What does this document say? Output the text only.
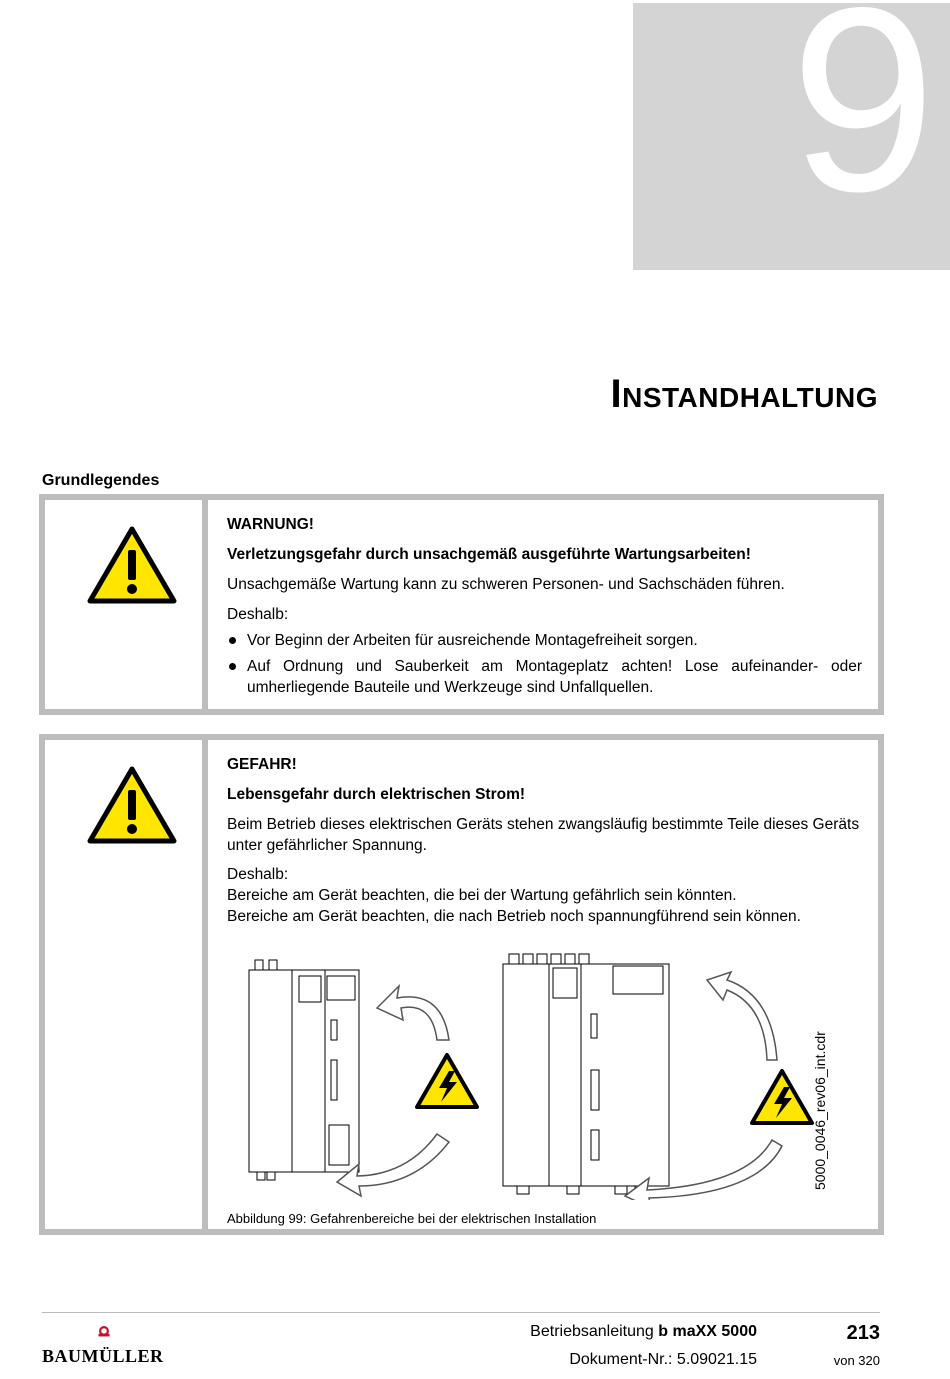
9
INSTANDHALTUNG
Grundlegendes

WARNUNG!

Verletzungsgefahr durch unsachgemäß ausgeführte Wartungsarbeiten!

Unsachgemäße Wartung kann zu schweren Personen- und Sachschäden führen.

Deshalb:

Vor Beginn der Arbeiten für ausreichende Montagefreiheit sorgen.

Auf Ordnung und Sauberkeit am Montageplatz achten! Lose aufeinander- oder umherliegende Bauteile und Werkzeuge sind Unfallquellen.

GEFAHR!

Lebensgefahr durch elektrischen Strom!

Beim Betrieb dieses elektrischen Geräts stehen zwangsläufig bestimmte Teile dieses Geräts unter gefährlicher Spannung.

Deshalb:

Bereiche am Gerät beachten, die bei der Wartung gefährlich sein könnten.

Bereiche am Gerät beachten, die nach Betrieb noch spannungführend sein können.

Abbildung 99: Gefahrenbereiche bei der elektrischen Installation
5000_0046_rev06_int.cdr
BAUMÜLLER
Betriebsanleitung b maXX 5000
Dokument-Nr.: 5.09021.15
213
von 320
